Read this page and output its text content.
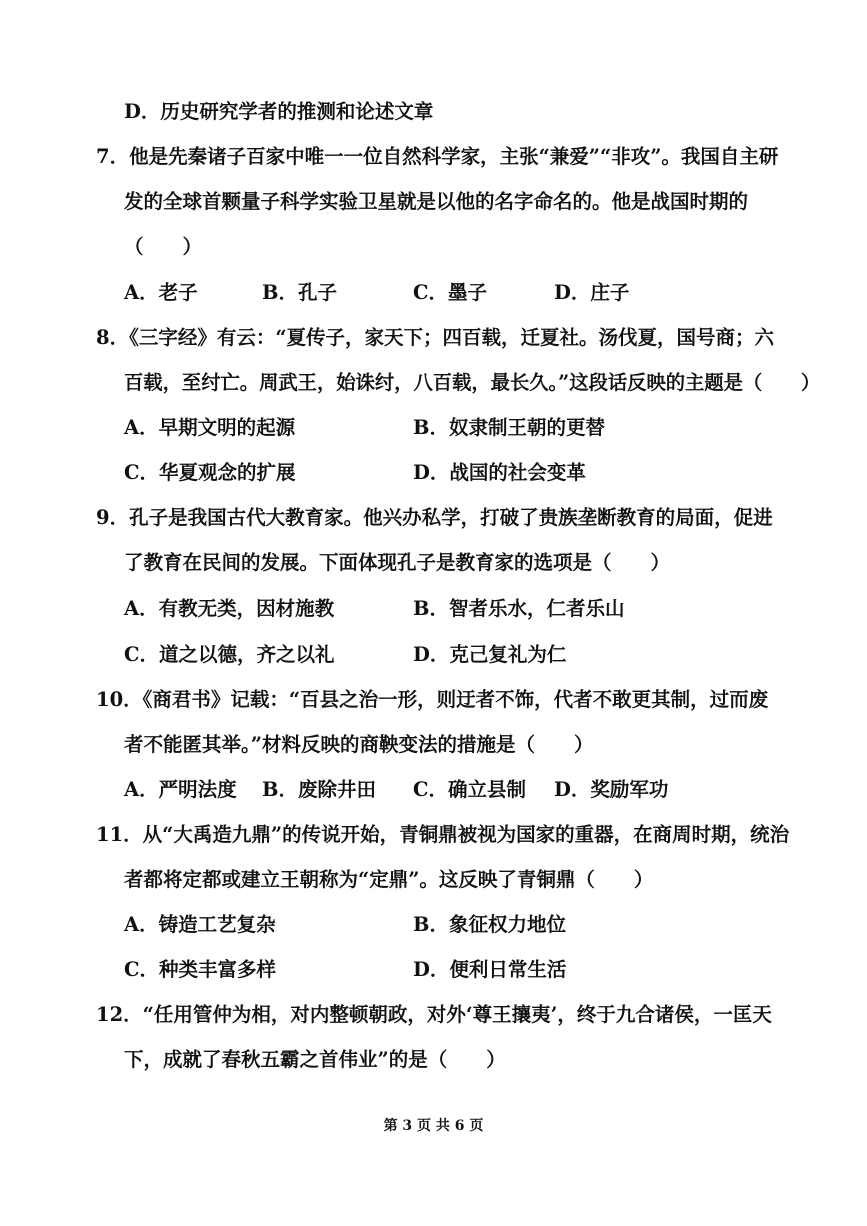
D．历史研究学者的推测和论述文章
7．他是先秦诸子百家中唯一一位自然科学家，主张“兼爱”“非攻”。我国自主研
发的全球首颗量子科学实验卫星就是以他的名字命名的。他是战国时期的
（　　）
A．老子	B．孔子	C．墨子	D．庄子
8．《三字经》有云：“夏传子，家天下；四百载，迁夏社。汤伐夏，国号商；六
百载，至纣亡。周武王，始诛纣，八百载，最长久。”这段话反映的主题是（　　）
A．早期文明的起源	B．奴隶制王朝的更替
C．华夏观念的扩展	D．战国的社会变革
9．孔子是我国古代大教育家。他兴办私学，打破了贵族垄断教育的局面，促进
了教育在民间的发展。下面体现孔子是教育家的选项是（　　）
A．有教无类，因材施教	B．智者乐水，仁者乐山
C．道之以德，齐之以礼	D．克己复礼为仁
10．《商君书》记载：“百县之治一形，则迂者不饰，代者不敢更其制，过而废
者不能匿其举。”材料反映的商鞅变法的措施是（　　）
A．严明法度 B．废除井田 C．确立县制 D．奖励军功
11．从“大禹造九鼎”的传说开始，青铜鼎被视为国家的重器，在商周时期，统治
者都将定都或建立王朝称为“定鼎”。这反映了青铜鼎（　　）
A．铸造工艺复杂	B．象征权力地位
C．种类丰富多样	D．便利日常生活
12．“任用管仲为相，对内整顿朝政，对外‘尊王攘夷’，终于九合诸侯，一匡天
下，成就了春秋五霸之首伟业”的是（　　）
第 3 页 共 6 页
